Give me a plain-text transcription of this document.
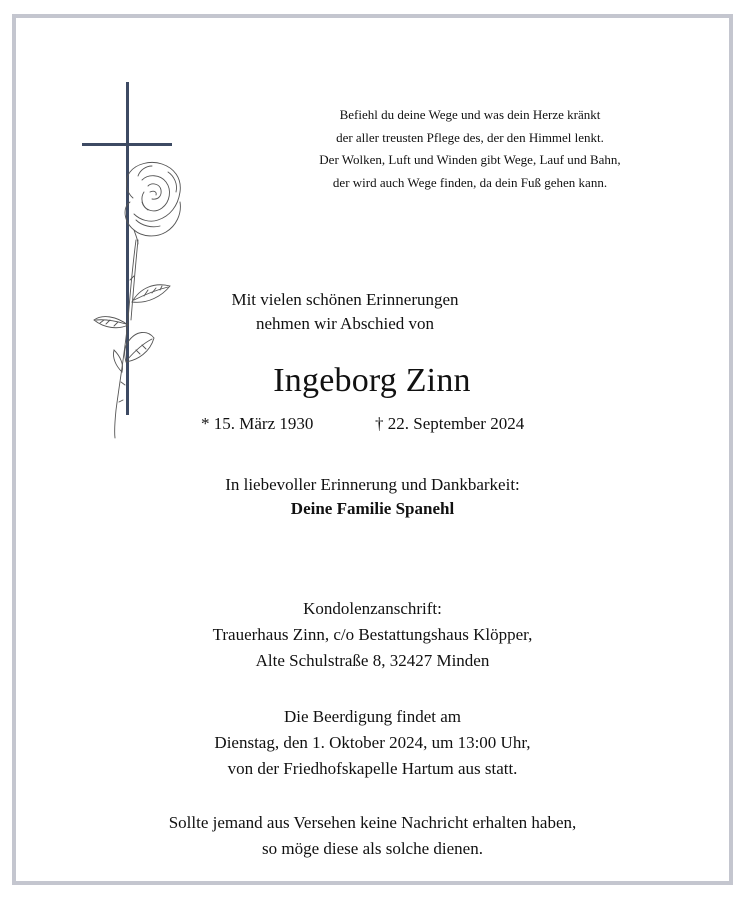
Befiehl du deine Wege und was dein Herze kränkt
der aller treusten Pflege des, der den Himmel lenkt.
Der Wolken, Luft und Winden gibt Wege, Lauf und Bahn,
der wird auch Wege finden, da dein Fuß gehen kann.
Mit vielen schönen Erinnerungen
nehmen wir Abschied von
Ingeborg Zinn
* 15. März 1930	† 22. September 2024
In liebevoller Erinnerung und Dankbarkeit:
Deine Familie Spanehl
Kondolenzanschrift:
Trauerhaus Zinn, c/o Bestattungshaus Klöpper,
Alte Schulstraße 8, 32427 Minden
Die Beerdigung findet am
Dienstag, den 1. Oktober 2024, um 13:00 Uhr,
von der Friedhofskapelle Hartum aus statt.
Sollte jemand aus Versehen keine Nachricht erhalten haben,
so möge diese als solche dienen.
